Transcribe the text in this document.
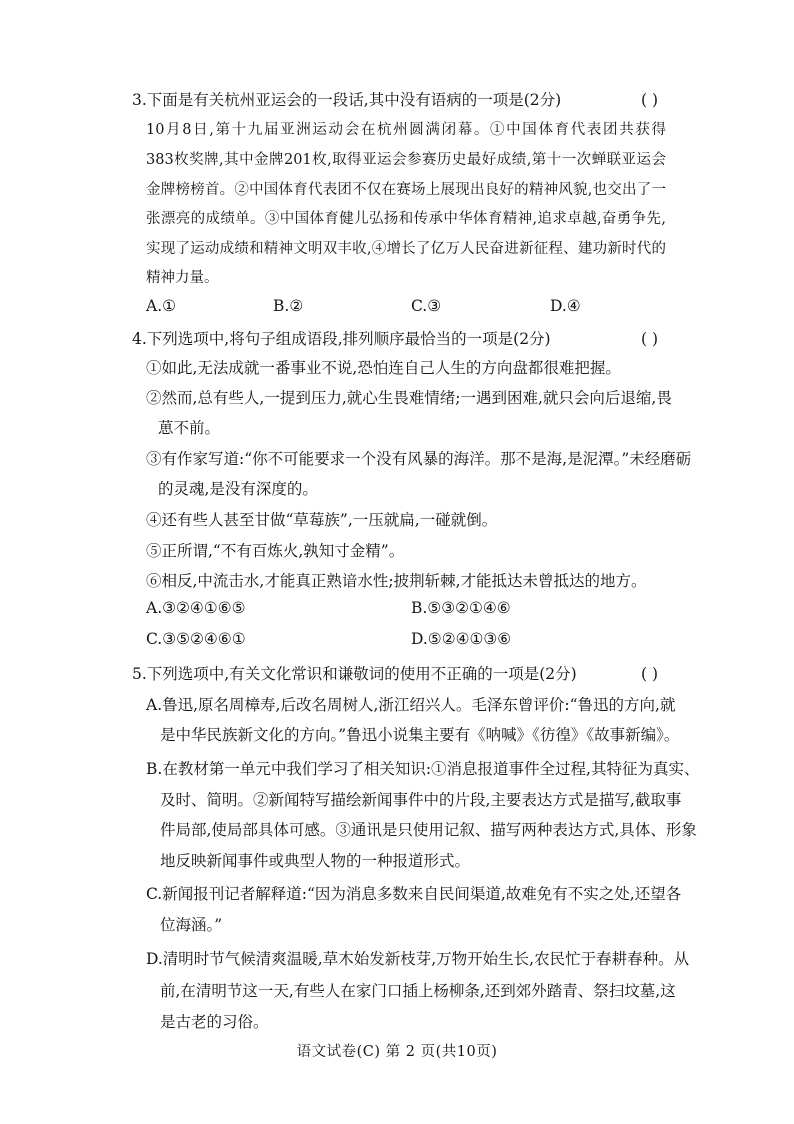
3.下面是有关杭州亚运会的一段话,其中没有语病的一项是(2分)	( )
10月8日,第十九届亚洲运动会在杭州圆满闭幕。①中国体育代表团共获得
383枚奖牌,其中金牌201枚,取得亚运会参赛历史最好成绩,第十一次蝉联亚运会
金牌榜榜首。②中国体育代表团不仅在赛场上展现出良好的精神风貌,也交出了一
张漂亮的成绩单。③中国体育健儿弘扬和传承中华体育精神,追求卓越,奋勇争先,
实现了运动成绩和精神文明双丰收,④增长了亿万人民奋进新征程、建功新时代的
精神力量。
A.①	B.②	C.③	D.④
4.下列选项中,将句子组成语段,排列顺序最恰当的一项是(2分)	( )
①如此,无法成就一番事业不说,恐怕连自己人生的方向盘都很难把握。
②然而,总有些人,一提到压力,就心生畏难情绪;一遇到困难,就只会向后退缩,畏
葸不前。
③有作家写道:“你不可能要求一个没有风暴的海洋。那不是海,是泥潭。”未经磨砺
的灵魂,是没有深度的。
④还有些人甚至甘做“草莓族”,一压就扁,一碰就倒。
⑤正所谓,“不有百炼火,孰知寸金精”。
⑥相反,中流击水,才能真正熟谙水性;披荆斩棘,才能抵达未曾抵达的地方。
A.③②④①⑥⑤	B.⑤③②①④⑥
C.③⑤②④⑥①	D.⑤②④①③⑥
5.下列选项中,有关文化常识和谦敬词的使用不正确的一项是(2分)	( )
A.鲁迅,原名周樟寿,后改名周树人,浙江绍兴人。毛泽东曾评价:“鲁迅的方向,就
是中华民族新文化的方向。”鲁迅小说集主要有《呐喊》《彷徨》《故事新编》。
B.在教材第一单元中我们学习了相关知识:①消息报道事件全过程,其特征为真实、
及时、简明。②新闻特写描绘新闻事件中的片段,主要表达方式是描写,截取事
件局部,使局部具体可感。③通讯是只使用记叙、描写两种表达方式,具体、形象
地反映新闻事件或典型人物的一种报道形式。
C.新闻报刊记者解释道:“因为消息多数来自民间渠道,故难免有不实之处,还望各
位海涵。”
D.清明时节气候清爽温暖,草木始发新枝芽,万物开始生长,农民忙于春耕春种。从
前,在清明节这一天,有些人在家门口插上杨柳条,还到郊外踏青、祭扫坟墓,这
是古老的习俗。
语文试卷(C) 第 2 页(共10页)
